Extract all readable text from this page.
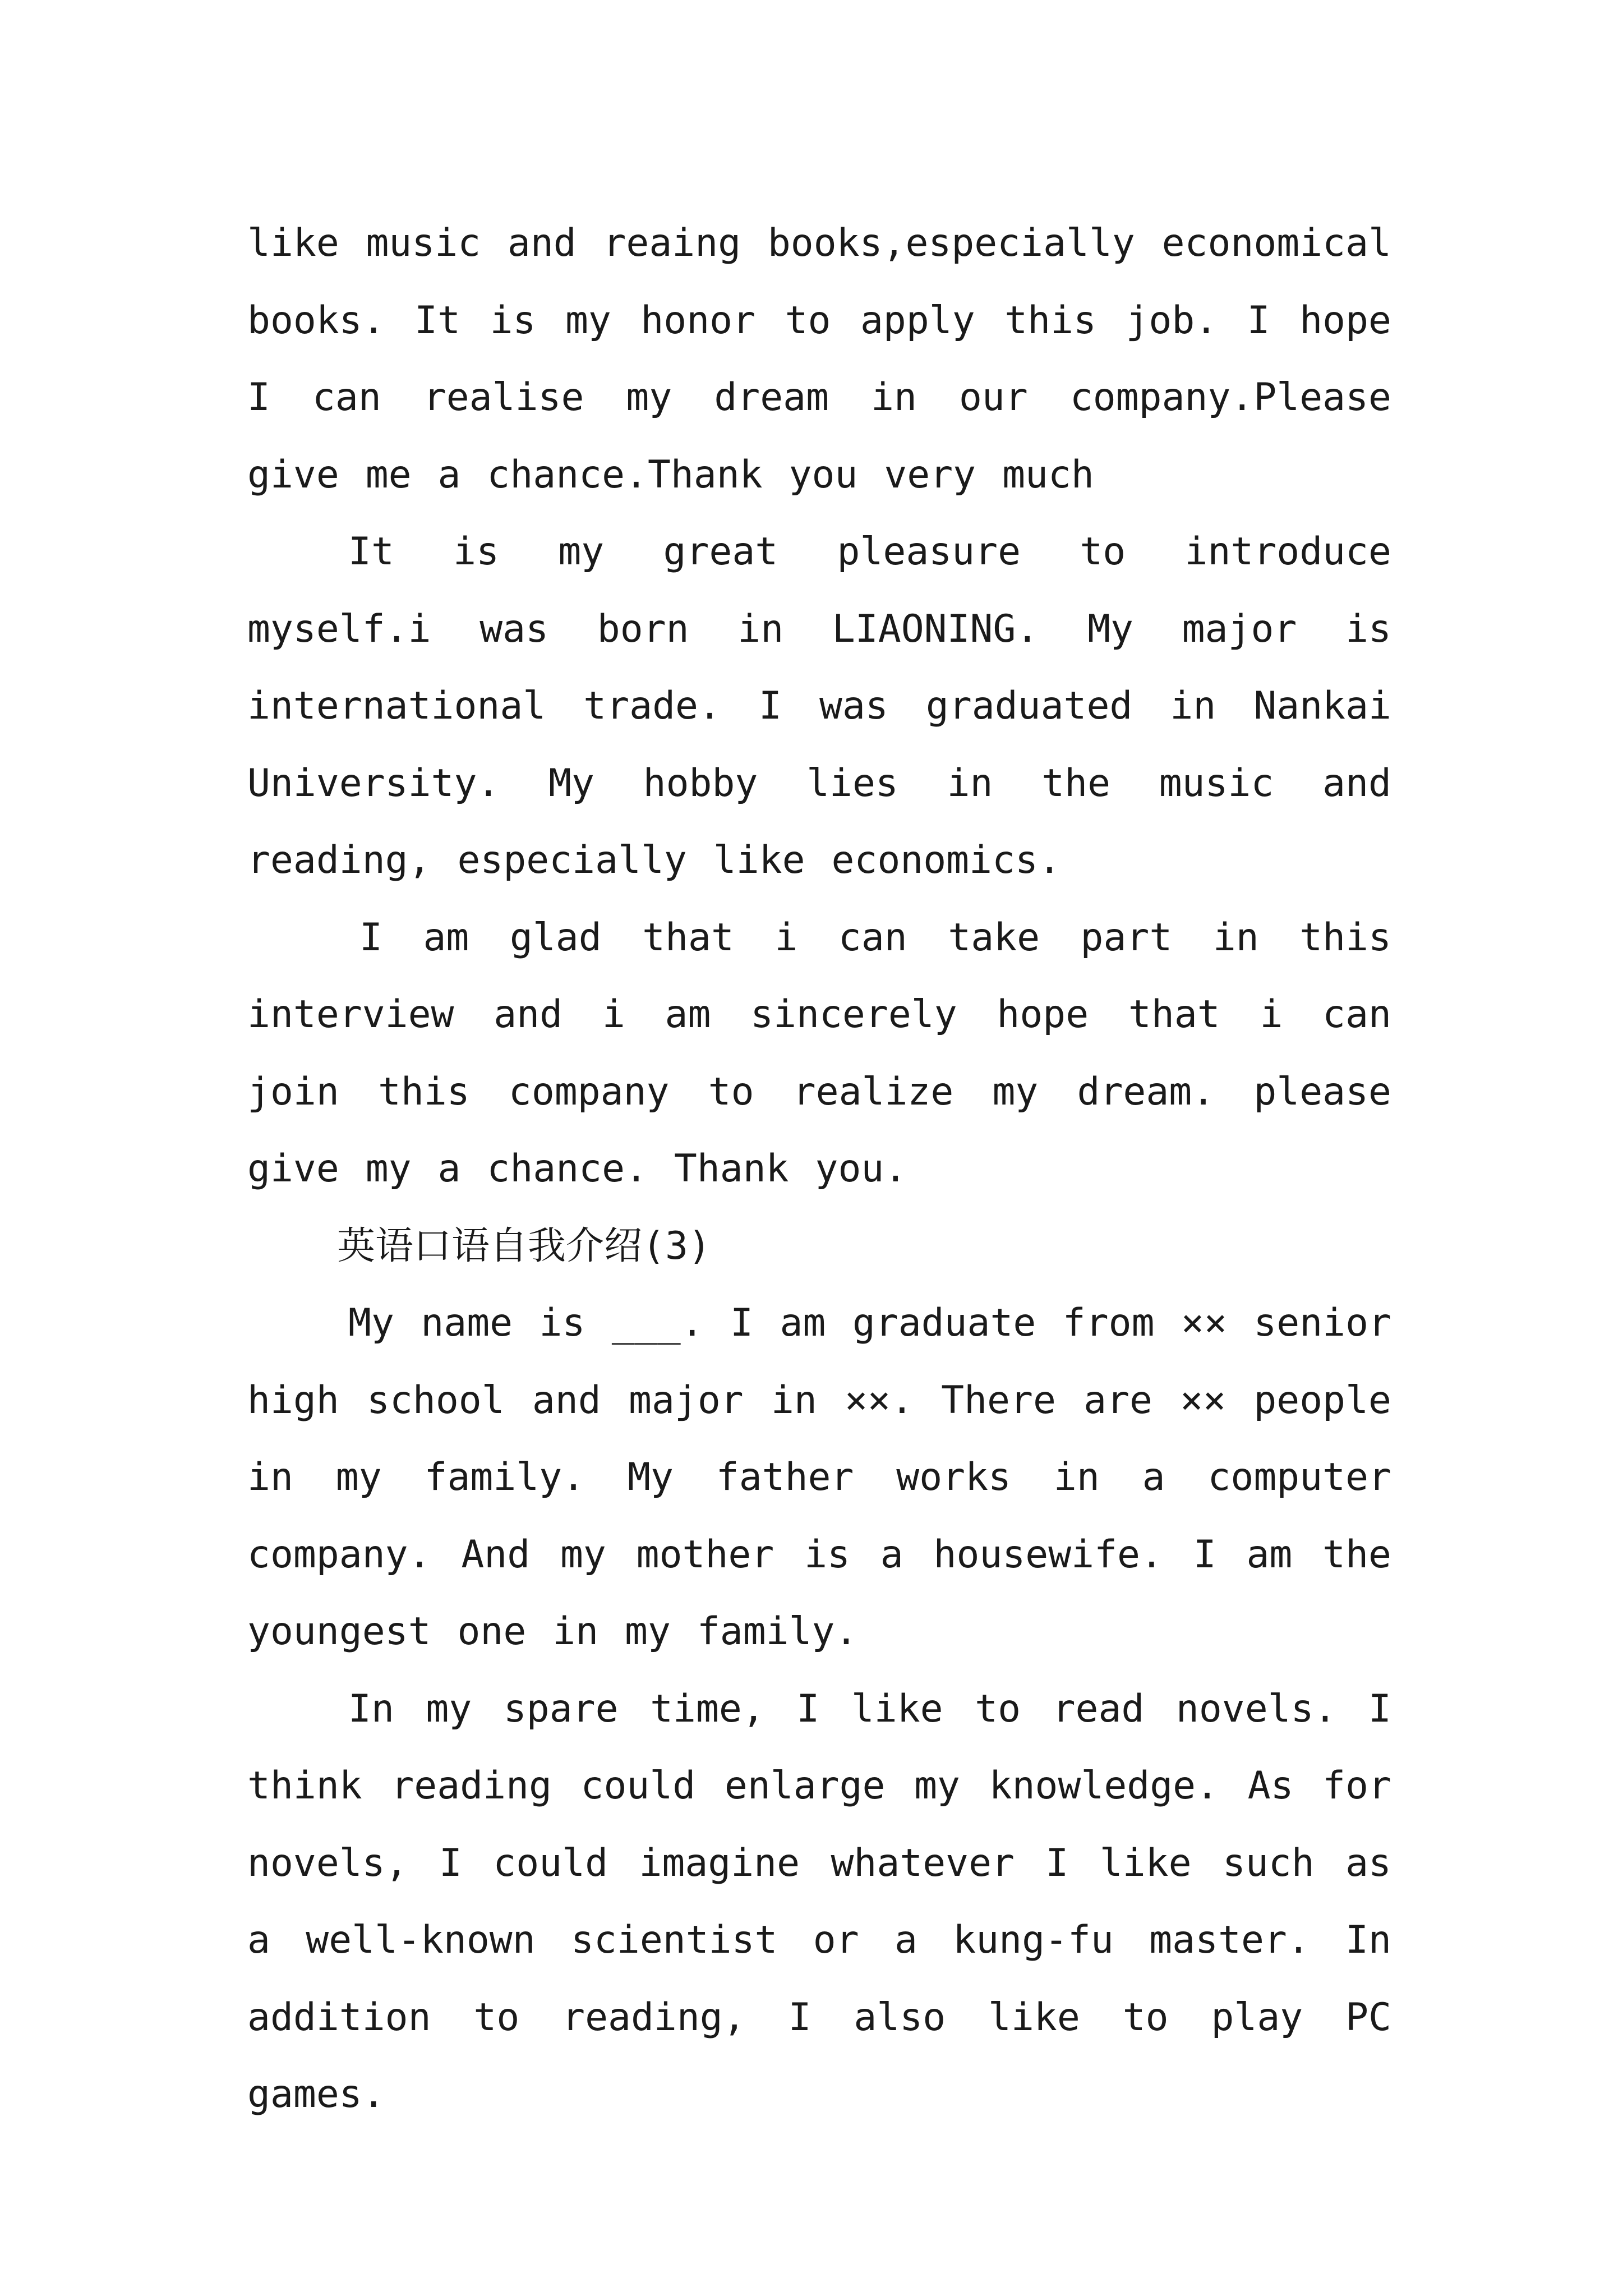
like music and reaing books,especially economical books. It is my honor to apply this job. I hope I can realise my dream in our company.Please give me a chance.Thank you very much

It is my great pleasure to introduce myself.i was born in LIAONING. My major is international trade. I was graduated in Nankai University. My hobby lies in the music and reading, especially like economics.

I am glad that i can take part in this interview and i am sincerely hope that i can join this company to realize my dream. please give my a chance. Thank you.

英语口语自我介绍(3)

My name is ___. I am graduate from ×× senior high school and major in ××. There are ×× people in my family. My father works in a computer company. And my mother is a housewife. I am the youngest one in my family.

In my spare time, I like to read novels. I think reading could enlarge my knowledge. As for novels, I could imagine whatever I like such as a well-known scientist or a kung-fu master. In addition to reading, I also like to play PC games.
